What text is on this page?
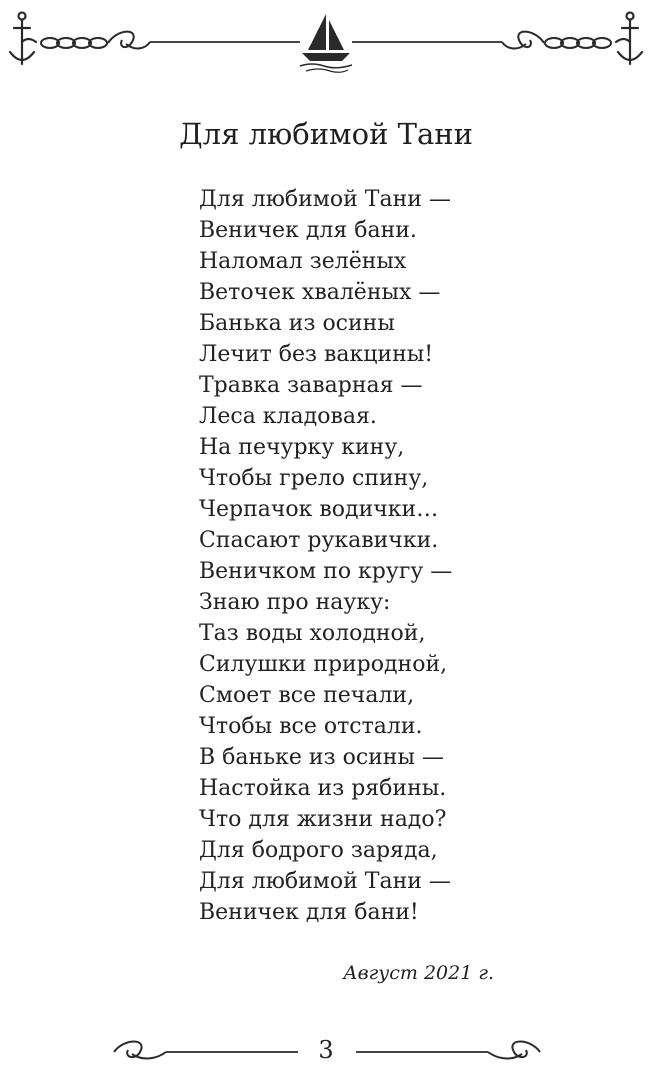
Для любимой Тани
Для любимой Тани —
Веничек для бани.
Наломал зелёных
Веточек хвалёных —
Банька из осины
Лечит без вакцины!
Травка заварная —
Леса кладовая.
На печурку кину,
Чтобы грело спину,
Черпачок водички…
Спасают рукавички.
Веничком по кругу —
Знаю про науку:
Таз воды холодной,
Силушки природной,
Смоет все печали,
Чтобы все отстали.
В баньке из осины —
Настойка из рябины.
Что для жизни надо?
Для бодрого заряда,
Для любимой Тани —
Веничек для бани!
Август 2021 г.
3
